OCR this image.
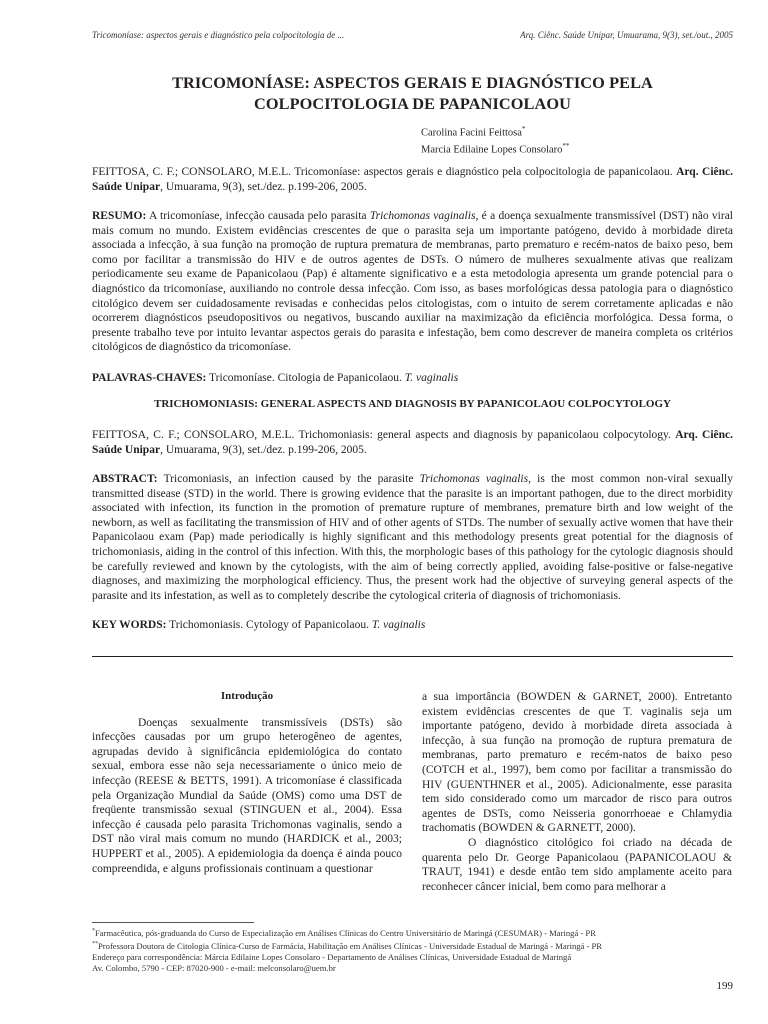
Tricomoníase: aspectos gerais e diagnóstico pela colpocitologia de ...	Arq. Ciênc. Saúde Unipar, Umuarama, 9(3), set./out., 2005
TRICOMONÍASE: ASPECTOS GERAIS E DIAGNÓSTICO PELA
COLPOCITOLOGIA DE PAPANICOLAOU
Carolina Facini Feittosa*
Marcia Edilaine Lopes Consolaro**
FEITTOSA, C. F.; CONSOLARO, M.E.L. Tricomoníase: aspectos gerais e diagnóstico pela colpocitologia de papanicolaou. Arq. Ciênc. Saúde Unipar, Umuarama, 9(3), set./dez. p.199-206, 2005.
RESUMO: A tricomoníase, infecção causada pelo parasita Trichomonas vaginalis, é a doença sexualmente transmissível (DST) não viral mais comum no mundo. Existem evidências crescentes de que o parasita seja um importante patógeno, devido à morbidade direta associada a infecção, à sua função na promoção de ruptura prematura de membranas, parto prematuro e recém-natos de baixo peso, bem como por facilitar a transmissão do HIV e de outros agentes de DSTs. O número de mulheres sexualmente ativas que realizam periodicamente seu exame de Papanicolaou (Pap) é altamente significativo e a esta metodologia apresenta um grande potencial para o diagnóstico da tricomoníase, auxiliando no controle dessa infecção. Com isso, as bases morfológicas dessa patologia para o diagnóstico citológico devem ser cuidadosamente revisadas e conhecidas pelos citologistas, com o intuito de serem corretamente aplicadas e não ocorrerem diagnósticos pseudopositivos ou negativos, buscando auxiliar na maximização da eficiência morfológica. Dessa forma, o presente trabalho teve por intuito levantar aspectos gerais do parasita e infestação, bem como descrever de maneira completa os critérios citológicos de diagnóstico da tricomoníase.
PALAVRAS-CHAVES: Tricomoníase. Citologia de Papanicolaou. T. vaginalis
TRICHOMONIASIS: GENERAL ASPECTS AND DIAGNOSIS BY PAPANICOLAOU COLPOCYTOLOGY
FEITTOSA, C. F.; CONSOLARO, M.E.L. Trichomoniasis: general aspects and diagnosis by papanicolaou colpocytology. Arq. Ciênc. Saúde Unipar, Umuarama, 9(3), set./dez. p.199-206, 2005.
ABSTRACT: Tricomoniasis, an infection caused by the parasite Trichomonas vaginalis, is the most common non-viral sexually transmitted disease (STD) in the world. There is growing evidence that the parasite is an important pathogen, due to the direct morbidity associated with infection, its function in the promotion of premature rupture of membranes, premature birth and low weight of the newborn, as well as facilitating the transmission of HIV and of other agents of STDs. The number of sexually active women that have their Papanicolaou exam (Pap) made periodically is highly significant and this methodology presents great potential for the diagnosis of trichomoniasis, aiding in the control of this infection. With this, the morphologic bases of this pathology for the cytologic diagnosis should be carefully reviewed and known by the cytologists, with the aim of being correctly applied, avoiding false-positive or false-negative diagnoses, and maximizing the morphological efficiency. Thus, the present work had the objective of surveying general aspects of the parasite and its infestation, as well as to completely describe the cytological criteria of diagnosis of trichomoniasis.
KEY WORDS: Trichomoniasis. Cytology of Papanicolaou. T. vaginalis
Introdução

Doenças sexualmente transmissíveis (DSTs) são infecções causadas por um grupo heterogêneo de agentes, agrupadas devido à significância epidemiológica do contato sexual, embora esse não seja necessariamente o único meio de infecção (REESE & BETTS, 1991). A tricomoníase é classificada pela Organização Mundial da Saúde (OMS) como uma DST de freqüente transmissão sexual (STINGUEN et al., 2004). Essa infecção é causada pelo parasita Trichomonas vaginalis, sendo a DST não viral mais comum no mundo (HARDICK et al., 2003; HUPPERT et al., 2005). A epidemiologia da doença é ainda pouco compreendida, e alguns profissionais continuam a questionar

a sua importância (BOWDEN & GARNET, 2000). Entretanto existem evidências crescentes de que T. vaginalis seja um importante patógeno, devido à morbidade direta associada à infecção, à sua função na promoção de ruptura prematura de membranas, parto prematuro e recém-natos de baixo peso (COTCH et al., 1997), bem como por facilitar a transmissão do HIV (GUENTHNER et al., 2005). Adicionalmente, esse parasita tem sido considerado como um marcador de risco para outros agentes de DSTs, como Neisseria gonorrhoeae e Chlamydia trachomatis (BOWDEN & GARNETT, 2000).

O diagnóstico citológico foi criado na década de quarenta pelo Dr. George Papanicolaou (PAPANICOLAOU & TRAUT, 1941) e desde então tem sido amplamente aceito para reconhecer câncer inicial, bem como para melhorar a

*Farmacêutica, pós-graduanda do Curso de Especialização em Análises Clínicas do Centro Universitário de Maringá (CESUMAR) - Maringá - PR
**Professora Doutora de Citologia Clínica-Curso de Farmácia, Habilitação em Análises Clínicas - Universidade Estadual de Maringá - Maringá - PR
Endereço para correspondência: Márcia Edilaine Lopes Consolaro - Departamento de Análises Clínicas, Universidade Estadual de Maringá
Av. Colombo, 5790 - CEP: 87020-900 - e-mail: melconsolaro@uem.br
199
